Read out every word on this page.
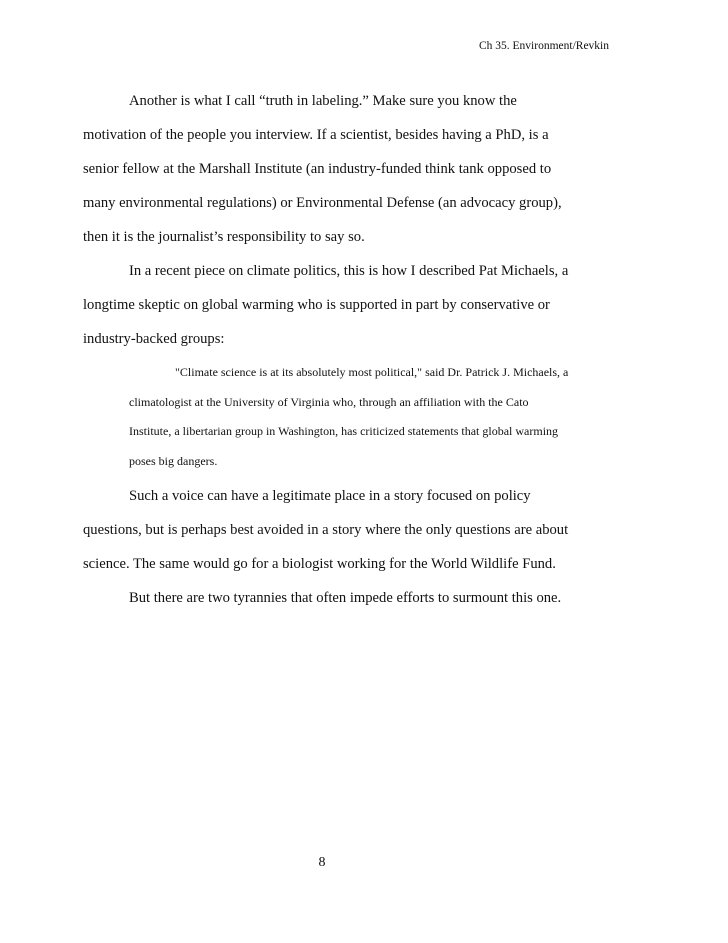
Ch 35. Environment/Revkin

Another is what I call “truth in labeling.” Make sure you know the motivation of the people you interview. If a scientist, besides having a PhD, is a senior fellow at the Marshall Institute (an industry-funded think tank opposed to many environmental regulations) or Environmental Defense (an advocacy group), then it is the journalist’s responsibility to say so.

In a recent piece on climate politics, this is how I described Pat Michaels, a longtime skeptic on global warming who is supported in part by conservative or industry-backed groups:

"Climate science is at its absolutely most political," said Dr. Patrick J. Michaels, a climatologist at the University of Virginia who, through an affiliation with the Cato Institute, a libertarian group in Washington, has criticized statements that global warming poses big dangers.

Such a voice can have a legitimate place in a story focused on policy questions, but is perhaps best avoided in a story where the only questions are about science. The same would go for a biologist working for the World Wildlife Fund.

But there are two tyrannies that often impede efforts to surmount this one.

8
